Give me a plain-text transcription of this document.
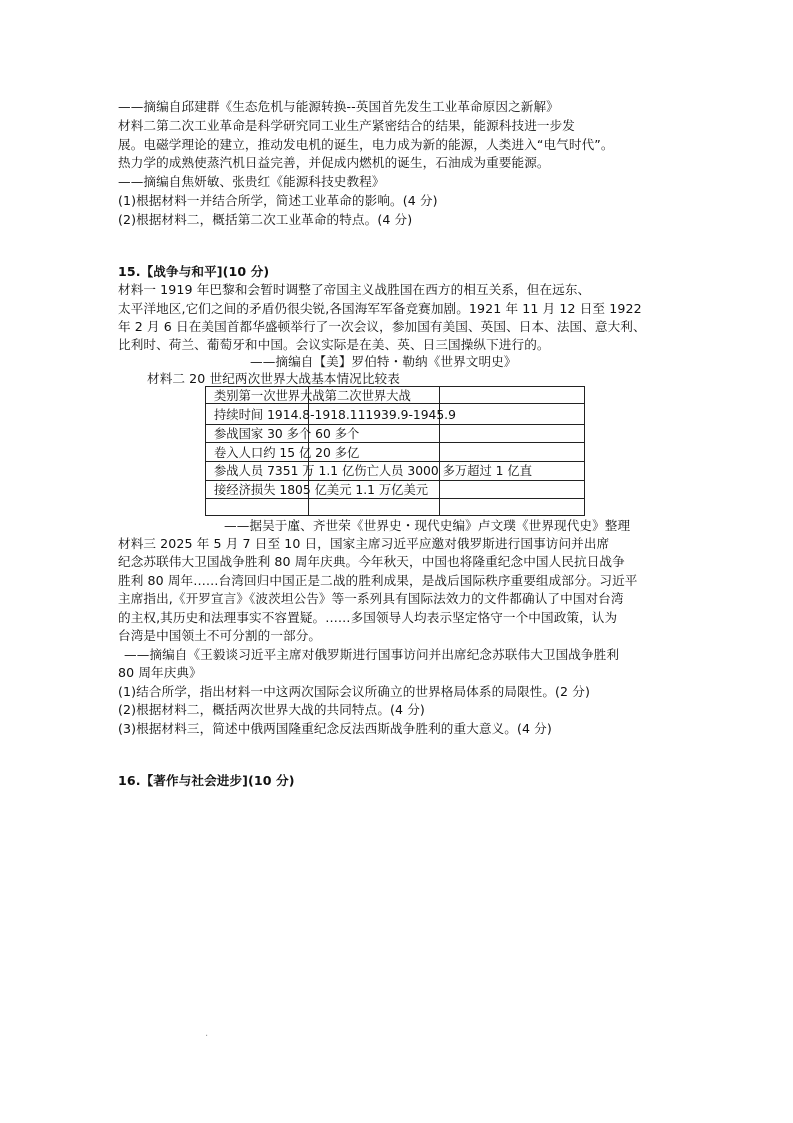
——摘编自邱建群《生态危机与能源转换--英国首先发生工业革命原因之新解》
材料二第二次工业革命是科学研究同工业生产紧密结合的结果，能源科技进一步发
展。电磁学理论的建立，推动发电机的诞生，电力成为新的能源，人类进入“电气时代”。
热力学的成熟使蒸汽机日益完善，并促成内燃机的诞生，石油成为重要能源。
——摘编自焦妍敏、张贵红《能源科技史教程》
(1)根据材料一并结合所学，简述工业革命的影响。(4 分)
(2)根据材料二，概括第二次工业革命的特点。(4 分)
15.【战争与和平](10 分)
材料一 1919 年巴黎和会暂时调整了帝国主义战胜国在西方的相互关系，但在远东、
太平洋地区,它们之间的矛盾仍很尖锐,各国海军军备竞赛加剧。1921 年 11 月 12 日至 1922
年 2 月 6 日在美国首都华盛顿举行了一次会议，参加国有美国、英国、日本、法国、意大利、
比利时、荷兰、葡萄牙和中国。会议实际是在美、英、日三国操纵下进行的。
——摘编自【美】罗伯特・勒纳《世界文明史》
材料二 20 世纪两次世界大战基本情况比较表
类别第一次世界大战第二次世界大战
持续时间 1914.8-1918.111939.9-1945.9
参战国家 30 多个 60 多个
卷入人口约 15 亿 20 多亿
参战人员 7351 万 1.1 亿伤亡人员 3000 多万超过 1 亿直
接经济损失 1805 亿美元 1.1 万亿美元
——据吴于廑、齐世荣《世界史・现代史编》卢文璞《世界现代史》整理
材料三 2025 年 5 月 7 日至 10 日，国家主席习近平应邀对俄罗斯进行国事访问并出席
纪念苏联伟大卫国战争胜利 80 周年庆典。今年秋天，中国也将隆重纪念中国人民抗日战争
胜利 80 周年……台湾回归中国正是二战的胜利成果，是战后国际秩序重要组成部分。习近平
主席指出,《开罗宣言》《波茨坦公告》等一系列具有国际法效力的文件都确认了中国对台湾
的主权,其历史和法理事实不容置疑。……多国领导人均表示坚定恪守一个中国政策，认为
台湾是中国领土不可分割的一部分。
——摘编自《王毅谈习近平主席对俄罗斯进行国事访问并出席纪念苏联伟大卫国战争胜利
80 周年庆典》
(1)结合所学，指出材料一中这两次国际会议所确立的世界格局体系的局限性。(2 分)
(2)根据材料二，概括两次世界大战的共同特点。(4 分)
(3)根据材料三，简述中俄两国隆重纪念反法西斯战争胜利的重大意义。(4 分)
16.【著作与社会进步](10 分)
.
